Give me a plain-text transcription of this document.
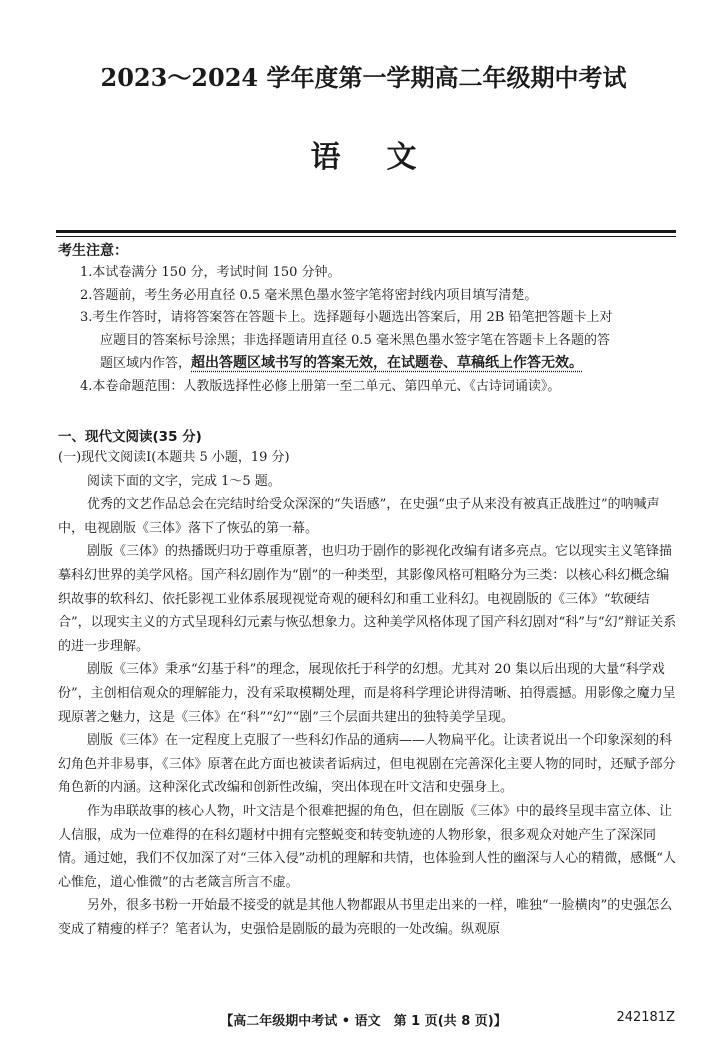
2023～2024 学年度第一学期高二年级期中考试
语文
考生注意：

1.本试卷满分 150 分，考试时间 150 分钟。

2.答题前，考生务必用直径 0.5 毫米黑色墨水签字笔将密封线内项目填写清楚。

3.考生作答时，请将答案答在答题卡上。选择题每小题选出答案后，用 2B 铅笔把答题卡上对

应题目的答案标号涂黑；非选择题请用直径 0.5 毫米黑色墨水签字笔在答题卡上各题的答

题区域内作答，超出答题区域书写的答案无效，在试题卷、草稿纸上作答无效。

4.本卷命题范围：人教版选择性必修上册第一至二单元、第四单元、《古诗词诵读》。

一、现代文阅读(35 分)

(一)现代文阅读Ⅰ(本题共 5 小题，19 分)

阅读下面的文字，完成 1～5 题。

优秀的文艺作品总会在完结时给受众深深的“失语感”，在史强“虫子从来没有被真正战胜过”的呐喊声中，电视剧版《三体》落下了恢弘的第一幕。

剧版《三体》的热播既归功于尊重原著，也归功于剧作的影视化改编有诸多亮点。它以现实主义笔锋描摹科幻世界的美学风格。国产科幻剧作为“剧”的一种类型，其影像风格可粗略分为三类：以核心科幻概念编织故事的软科幻、依托影视工业体系展现视觉奇观的硬科幻和重工业科幻。电视剧版的《三体》“软硬结合”，以现实主义的方式呈现科幻元素与恢弘想象力。这种美学风格体现了国产科幻剧对“科”与“幻”辩证关系的进一步理解。

剧版《三体》秉承“幻基于科”的理念，展现依托于科学的幻想。尤其对 20 集以后出现的大量“科学戏份”，主创相信观众的理解能力，没有采取模糊处理，而是将科学理论讲得清晰、拍得震撼。用影像之魔力呈现原著之魅力，这是《三体》在“科”“幻”“剧”三个层面共建出的独特美学呈现。

剧版《三体》在一定程度上克服了一些科幻作品的通病——人物扁平化。让读者说出一个印象深刻的科幻角色并非易事，《三体》原著在此方面也被读者诟病过，但电视剧在完善深化主要人物的同时，还赋予部分角色新的内涵。这种深化式改编和创新性改编，突出体现在叶文洁和史强身上。

作为串联故事的核心人物，叶文洁是个很难把握的角色，但在剧版《三体》中的最终呈现丰富立体、让人信服，成为一位难得的在科幻题材中拥有完整蜕变和转变轨迹的人物形象，很多观众对她产生了深深同情。通过她，我们不仅加深了对“三体入侵”动机的理解和共情，也体验到人性的幽深与人心的精微，感慨“人心惟危，道心惟微”的古老箴言所言不虚。

另外，很多书粉一开始最不接受的就是其他人物都跟从书里走出来的一样，唯独“一脸横肉”的史强怎么变成了精瘦的样子？笔者认为，史强恰是剧版的最为亮眼的一处改编。纵观原

【高二年级期中考试 • 语文　第 1 页(共 8 页)】	242181Z
